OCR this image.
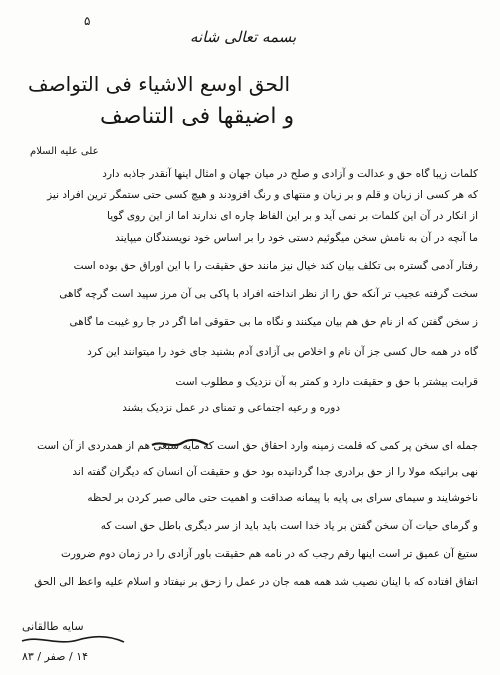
۵
بسمه تعالی شانه
الحق اوسع الاشیاء فی التواصف
و اضیقها فی التناصف
علی علیه السلام
کلمات زیبا گاه حق و عدالت و آزادی و صلح در میان جهان و امثال اینها آنقدر جاذبه دارد
که هر کسی از زبان و قلم و بر زبان و منتهای و رنگ افزودند و هیچ کسی حتی ستمگر ترین افراد نیز
از انکار در آن این کلمات بر نمی آید و بر این الفاظ چاره ای ندارند اما از این روی گویا
ما آنچه در آن به نامش سخن میگوئیم دستی خود را بر اساس خود نویسندگان میپایند
رفتار آدمی گستره بی تکلف بیان کند خیال نیز مانند حق حقیقت را با این اوراق حق بوده است
سخت گرفته عجیب تر آنکه حق را از نظر انداخته افراد با پاکی بی آن مرز سپید است گرچه گاهی
ز سخن گفتن که از نام حق هم بیان میکنند و نگاه ما بی حقوقی اما اگر در جا رو غیبت ما گاهی
گاه در همه حال کسی جز آن نام و اخلاص بی آزادی آدم بشنید جای خود را میتوانند این کرد
قرابت بیشتر با حق و حقیقت دارد و کمتر به آن نزدیک و مطلوب است
دوره و رعیه اجتماعی و تمنای در عمل نزدیک بشند
جمله ای سخن پر کمی که قلمت زمینه وارد احقاق حق است که مایه سبعی هم از همدردی از آن است
نهی برانیکه مولا را از حق برادری جدا گردانیده بود حق و حقیقت آن انسان که دیگران گفته اند
ناخوشایند و سیمای سرای بی پایه با پیمانه صداقت و اهمیت حتی مالی صبر کردن بر لحظه
و گرمای حیات آن سخن گفتن بر یاد خدا است باید باید از سر دیگری باطل حق است که
ستیغ آن عمیق تر است اینها رقم رجب که در نامه هم حقیقت باور آزادی را در زمان دوم ضرورت
اتفاق افتاده که با اینان نصیب شد همه همه جان در عمل را زحق بر نیفتاد و اسلام علیه واعظ الی الحق
سایه طالقانی
۱۴ / صفر / ۸۳
